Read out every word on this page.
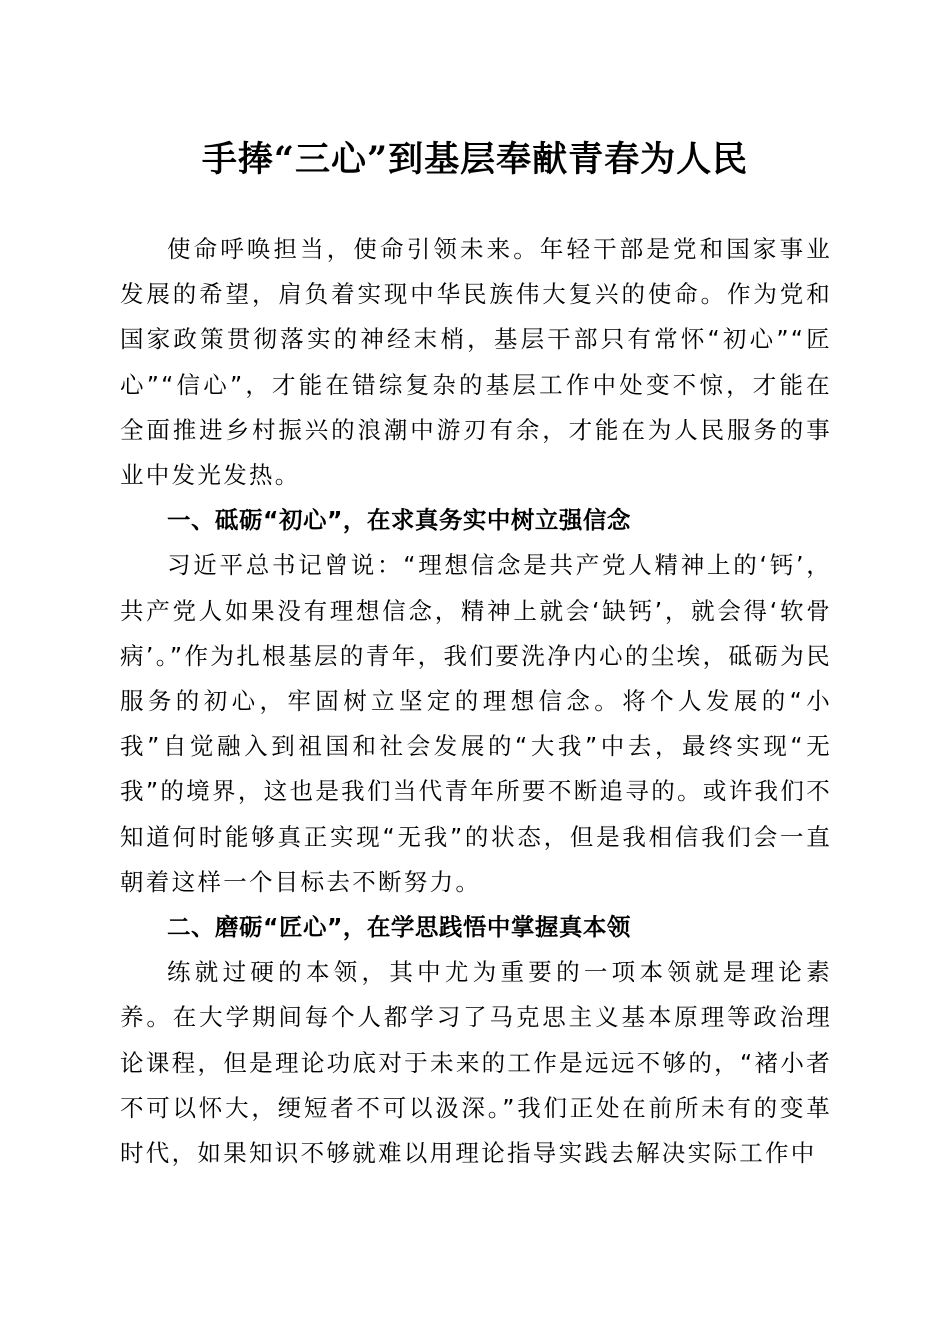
手捧“三心”到基层奉献青春为人民

使命呼唤担当，使命引领未来。年轻干部是党和国家事业发展的希望，肩负着实现中华民族伟大复兴的使命。作为党和国家政策贯彻落实的神经末梢，基层干部只有常怀“初心”“匠心”“信心”，才能在错综复杂的基层工作中处变不惊，才能在全面推进乡村振兴的浪潮中游刃有余，才能在为人民服务的事业中发光发热。

一、砥砺“初心”，在求真务实中树立强信念

习近平总书记曾说：“理想信念是共产党人精神上的‘钙’，共产党人如果没有理想信念，精神上就会‘缺钙’，就会得‘软骨病’。”作为扎根基层的青年，我们要洗净内心的尘埃，砥砺为民服务的初心，牢固树立坚定的理想信念。将个人发展的“小我”自觉融入到祖国和社会发展的“大我”中去，最终实现“无我”的境界，这也是我们当代青年所要不断追寻的。或许我们不知道何时能够真正实现“无我”的状态，但是我相信我们会一直朝着这样一个目标去不断努力。

二、磨砺“匠心”，在学思践悟中掌握真本领

练就过硬的本领，其中尤为重要的一项本领就是理论素养。在大学期间每个人都学习了马克思主义基本原理等政治理论课程，但是理论功底对于未来的工作是远远不够的，“褚小者不可以怀大，绠短者不可以汲深。”我们正处在前所未有的变革时代，如果知识不够就难以用理论指导实践去解决实际工作中
